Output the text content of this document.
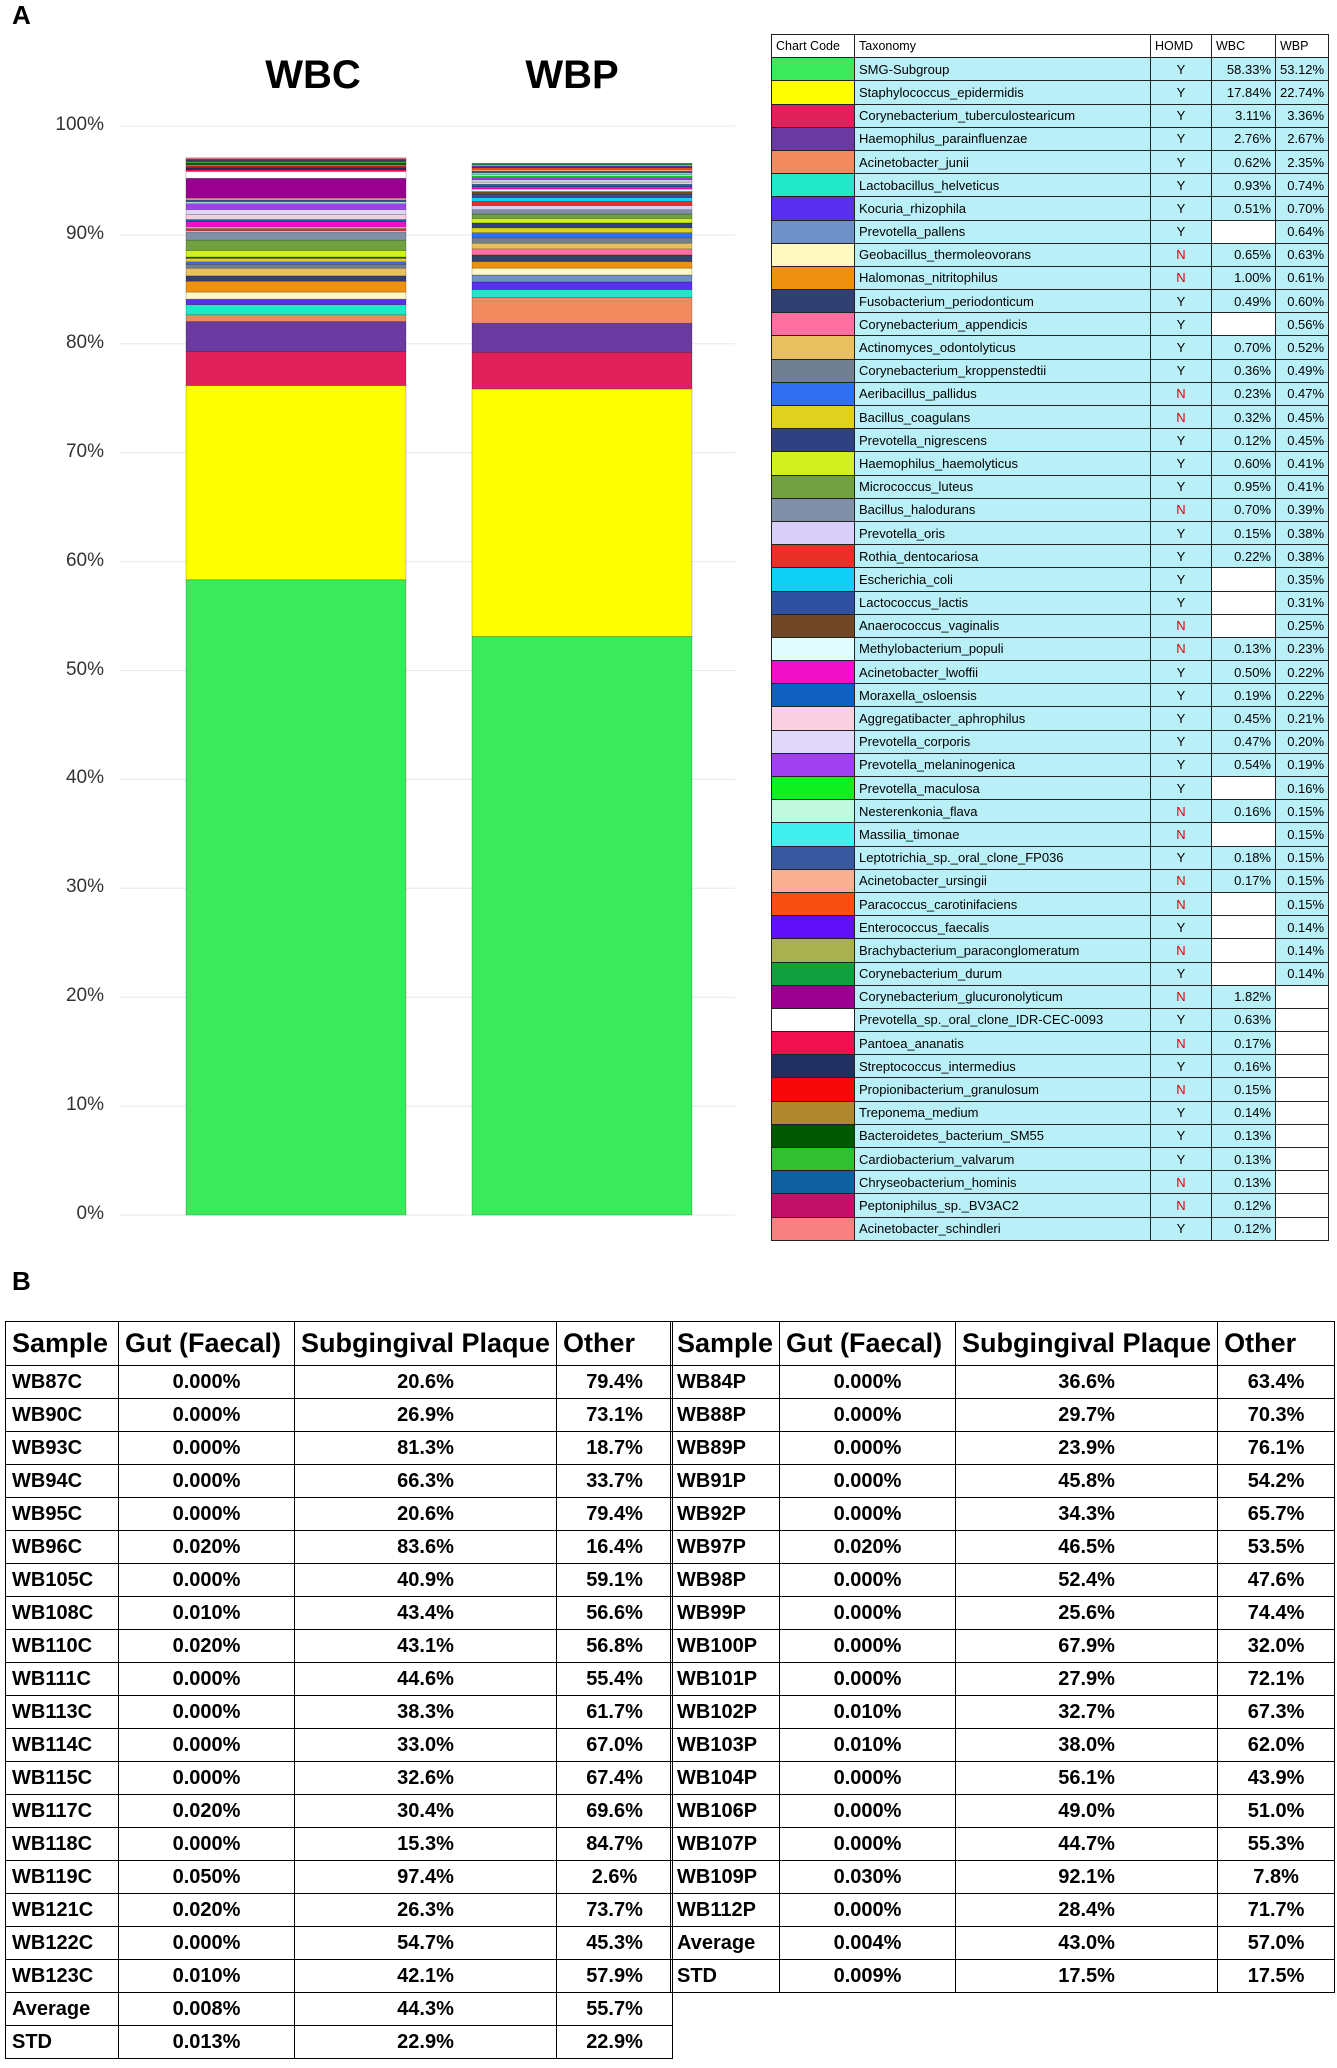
A
B
WBC	WBP
0%
10%
20%
30%
40%
50%
60%
70%
80%
90%
100%
Chart Code	Taxonomy	HOMD	WBC	WBP
	SMG-Subgroup	Y	58.33%	53.12%
	Staphylococcus_epidermidis	Y	17.84%	22.74%
	Corynebacterium_tuberculostearicum	Y	3.11%	3.36%
	Haemophilus_parainfluenzae	Y	2.76%	2.67%
	Acinetobacter_junii	Y	0.62%	2.35%
	Lactobacillus_helveticus	Y	0.93%	0.74%
	Kocuria_rhizophila	Y	0.51%	0.70%
	Prevotella_pallens	Y		0.64%
	Geobacillus_thermoleovorans	N	0.65%	0.63%
	Halomonas_nitritophilus	N	1.00%	0.61%
	Fusobacterium_periodonticum	Y	0.49%	0.60%
	Corynebacterium_appendicis	Y		0.56%
	Actinomyces_odontolyticus	Y	0.70%	0.52%
	Corynebacterium_kroppenstedtii	Y	0.36%	0.49%
	Aeribacillus_pallidus	N	0.23%	0.47%
	Bacillus_coagulans	N	0.32%	0.45%
	Prevotella_nigrescens	Y	0.12%	0.45%
	Haemophilus_haemolyticus	Y	0.60%	0.41%
	Micrococcus_luteus	Y	0.95%	0.41%
	Bacillus_halodurans	N	0.70%	0.39%
	Prevotella_oris	Y	0.15%	0.38%
	Rothia_dentocariosa	Y	0.22%	0.38%
	Escherichia_coli	Y		0.35%
	Lactococcus_lactis	Y		0.31%
	Anaerococcus_vaginalis	N		0.25%
	Methylobacterium_populi	N	0.13%	0.23%
	Acinetobacter_lwoffii	Y	0.50%	0.22%
	Moraxella_osloensis	Y	0.19%	0.22%
	Aggregatibacter_aphrophilus	Y	0.45%	0.21%
	Prevotella_corporis	Y	0.47%	0.20%
	Prevotella_melaninogenica	Y	0.54%	0.19%
	Prevotella_maculosa	Y		0.16%
	Nesterenkonia_flava	N	0.16%	0.15%
	Massilia_timonae	N		0.15%
	Leptotrichia_sp._oral_clone_FP036	Y	0.18%	0.15%
	Acinetobacter_ursingii	N	0.17%	0.15%
	Paracoccus_carotinifaciens	N		0.15%
	Enterococcus_faecalis	Y		0.14%
	Brachybacterium_paraconglomeratum	N		0.14%
	Corynebacterium_durum	Y		0.14%
	Corynebacterium_glucuronolyticum	N	1.82%	
	Prevotella_sp._oral_clone_IDR-CEC-0093	Y	0.63%	
	Pantoea_ananatis	N	0.17%	
	Streptococcus_intermedius	Y	0.16%	
	Propionibacterium_granulosum	N	0.15%	
	Treponema_medium	Y	0.14%	
	Bacteroidetes_bacterium_SM55	Y	0.13%	
	Cardiobacterium_valvarum	Y	0.13%	
	Chryseobacterium_hominis	N	0.13%	
	Peptoniphilus_sp._BV3AC2	N	0.12%	
	Acinetobacter_schindleri	Y	0.12%	
Sample	Gut (Faecal)	Subgingival Plaque	Other
WB87C	0.000%	20.6%	79.4%
WB90C	0.000%	26.9%	73.1%
WB93C	0.000%	81.3%	18.7%
WB94C	0.000%	66.3%	33.7%
WB95C	0.000%	20.6%	79.4%
WB96C	0.020%	83.6%	16.4%
WB105C	0.000%	40.9%	59.1%
WB108C	0.010%	43.4%	56.6%
WB110C	0.020%	43.1%	56.8%
WB111C	0.000%	44.6%	55.4%
WB113C	0.000%	38.3%	61.7%
WB114C	0.000%	33.0%	67.0%
WB115C	0.000%	32.6%	67.4%
WB117C	0.020%	30.4%	69.6%
WB118C	0.000%	15.3%	84.7%
WB119C	0.050%	97.4%	2.6%
WB121C	0.020%	26.3%	73.7%
WB122C	0.000%	54.7%	45.3%
WB123C	0.010%	42.1%	57.9%
Average	0.008%	44.3%	55.7%
STD	0.013%	22.9%	22.9%
Sample	Gut (Faecal)	Subgingival Plaque	Other
WB84P	0.000%	36.6%	63.4%
WB88P	0.000%	29.7%	70.3%
WB89P	0.000%	23.9%	76.1%
WB91P	0.000%	45.8%	54.2%
WB92P	0.000%	34.3%	65.7%
WB97P	0.020%	46.5%	53.5%
WB98P	0.000%	52.4%	47.6%
WB99P	0.000%	25.6%	74.4%
WB100P	0.000%	67.9%	32.0%
WB101P	0.000%	27.9%	72.1%
WB102P	0.010%	32.7%	67.3%
WB103P	0.010%	38.0%	62.0%
WB104P	0.000%	56.1%	43.9%
WB106P	0.000%	49.0%	51.0%
WB107P	0.000%	44.7%	55.3%
WB109P	0.030%	92.1%	7.8%
WB112P	0.000%	28.4%	71.7%
Average	0.004%	43.0%	57.0%
STD	0.009%	17.5%	17.5%
